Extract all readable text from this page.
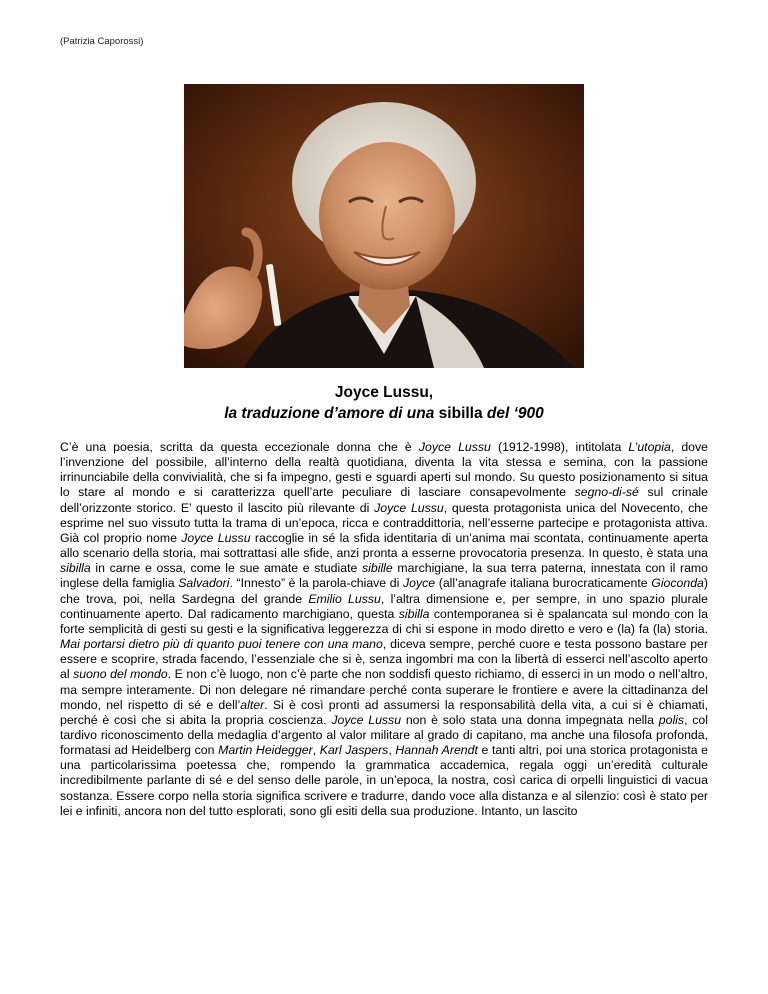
(Patrizia Caporossi)
Joyce Lussu,
la traduzione d’amore di una sibilla del ‘900
C’è una poesia, scritta da questa eccezionale donna che è Joyce Lussu (1912-1998), intitolata L’utopia, dove l’invenzione del possibile, all’interno della realtà quotidiana, diventa la vita stessa e semina, con la passione irrinunciabile della convivialità, che si fa impegno, gesti e sguardi aperti sul mondo. Su questo posizionamento si situa lo stare al mondo e si caratterizza quell’arte peculiare di lasciare consapevolmente segno-di-sé sul crinale dell’orizzonte storico. E’ questo il lascito più rilevante di Joyce Lussu, questa protagonista unica del Novecento, che esprime nel suo vissuto tutta la trama di un’epoca, ricca e contraddittoria, nell’esserne partecipe e protagonista attiva. Già col proprio nome Joyce Lussu raccoglie in sé la sfida identitaria di un’anima mai scontata, continuamente aperta allo scenario della storia, mai sottrattasi alle sfide, anzi pronta a esserne provocatoria presenza. In questo, è stata una sibilla in carne e ossa, come le sue amate e studiate sibille marchigiane, la sua terra paterna, innestata con il ramo inglese della famiglia Salvadori. “Innesto” è la parola-chiave di Joyce (all’anagrafe italiana burocraticamente Gioconda) che trova, poi, nella Sardegna del grande Emilio Lussu, l’altra dimensione e, per sempre, in uno spazio plurale continuamente aperto. Dal radicamento marchigiano, questa sibilla contemporanea si è spalancata sul mondo con la forte semplicità di gesti su gesti e la significativa leggerezza di chi si espone in modo diretto e vero e (la) fa (la) storia. Mai portarsi dietro più di quanto puoi tenere con una mano, diceva sempre, perché cuore e testa possono bastare per essere e scoprire, strada facendo, l’essenziale che si è, senza ingombri ma con la libertà di esserci nell’ascolto aperto al suono del mondo. E non c’è luogo, non c’è parte che non soddisfi questo richiamo, di esserci in un modo o nell’altro, ma sempre interamente. Di non delegare né rimandare perché conta superare le frontiere e avere la cittadinanza del mondo, nel rispetto di sé e dell’alter. Si è così pronti ad assumersi la responsabilità della vita, a cui si è chiamati, perché è così che si abita la propria coscienza. Joyce Lussu non è solo stata una donna impegnata nella polis, col tardivo riconoscimento della medaglia d’argento al valor militare al grado di capitano, ma anche una filosofa profonda, formatasi ad Heidelberg con Martin Heidegger, Karl Jaspers, Hannah Arendt e tanti altri, poi una storica protagonista e una particolarissima poetessa che, rompendo la grammatica accademica, regala oggi un’eredità culturale incredibilmente parlante di sé e del senso delle parole, in un’epoca, la nostra, così carica di orpelli linguistici di vacua sostanza. Essere corpo nella storia significa scrivere e tradurre, dando voce alla distanza e al silenzio: così è stato per lei e infiniti, ancora non del tutto esplorati, sono gli esiti della sua produzione. Intanto, un lascito
